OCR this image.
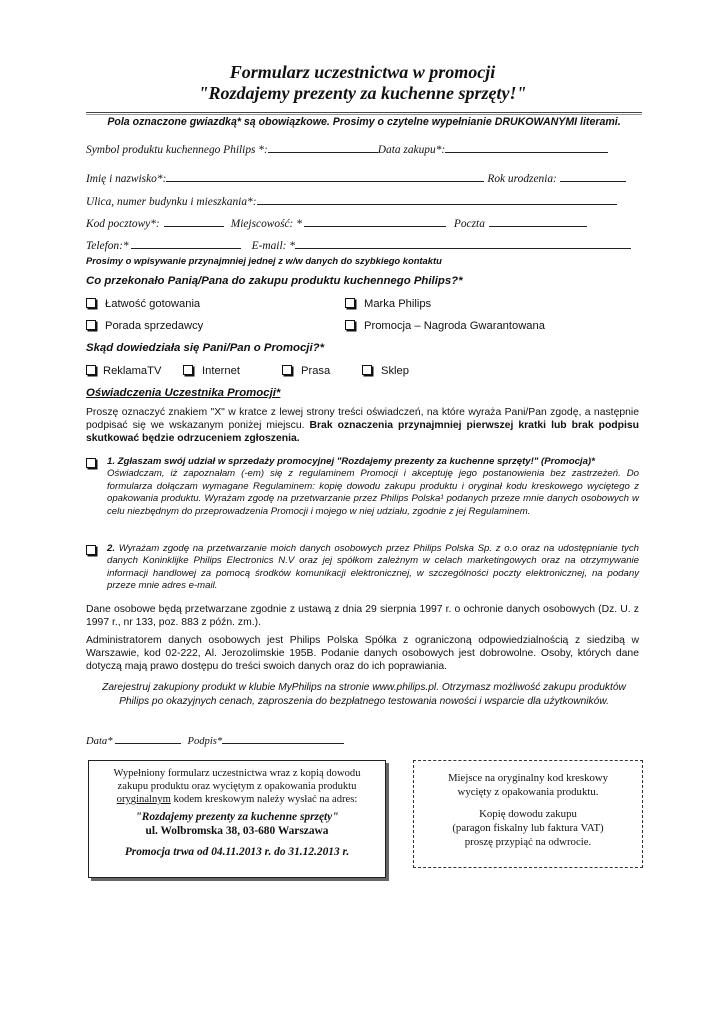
Formularz uczestnictwa w promocji
"Rozdajemy prezenty za kuchenne sprzęty!"
Pola oznaczone gwiazdką* są obowiązkowe. Prosimy o czytelne wypełnianie DRUKOWANYMI literami.
Symbol produktu kuchennego Philips *:	Data zakupu*:
Imię i nazwisko*:	Rok urodzenia:
Ulica, numer budynku i mieszkania*:
Kod pocztowy*:	Miejscowość: *	Poczta
Telefon:*	E-mail: *
Prosimy o wpisywanie przynajmniej jednej z w/w danych do szybkiego kontaktu
Co przekonało Panią/Pana do zakupu produktu kuchennego Philips?*
Łatwość gotowania	Marka Philips
Porada sprzedawcy	Promocja – Nagroda Gwarantowana
Skąd dowiedziała się Pani/Pan o Promocji?*
ReklamaTV	Internet	Prasa	Sklep
Oświadczenia Uczestnika Promocji*
Proszę oznaczyć znakiem "X" w kratce z lewej strony treści oświadczeń, na które wyraża Pani/Pan zgodę, a następnie podpisać się we wskazanym poniżej miejscu. Brak oznaczenia przynajmniej pierwszej kratki lub brak podpisu skutkować będzie odrzuceniem zgłoszenia.
1. Zgłaszam swój udział w sprzedaży promocyjnej "Rozdajemy prezenty za kuchenne sprzęty!" (Promocja)*
Oświadczam, iż zapoznałam (-em) się z regulaminem Promocji i akceptuję jego postanowienia bez zastrzeżeń. Do formularza dołączam wymagane Regulaminem: kopię dowodu zakupu produktu i oryginał kodu kreskowego wyciętego z opakowania produktu. Wyrażam zgodę na przetwarzanie przez Philips Polska¹ podanych przeze mnie danych osobowych w celu niezbędnym do przeprowadzenia Promocji i mojego w niej udziału, zgodnie z jej Regulaminem.
2. Wyrażam zgodę na przetwarzanie moich danych osobowych przez Philips Polska Sp. z o.o oraz na udostępnianie tych danych Koninklijke Philips Electronics N.V oraz jej spółkom zależnym w celach marketingowych oraz na otrzymywanie informacji handlowej za pomocą środków komunikacji elektronicznej, w szczególności poczty elektronicznej, na podany przeze mnie adres e-mail.
Dane osobowe będą przetwarzane zgodnie z ustawą z dnia 29 sierpnia 1997 r. o ochronie danych osobowych (Dz. U. z 1997 r., nr 133, poz. 883 z późn. zm.).
Administratorem danych osobowych jest Philips Polska Spółka z ograniczoną odpowiedzialnością z siedzibą w Warszawie, kod 02-222, Al. Jerozolimskie 195B. Podanie danych osobowych jest dobrowolne. Osoby, których dane dotyczą mają prawo dostępu do treści swoich danych oraz do ich poprawiania.
Zarejestruj zakupiony produkt w klubie MyPhilips na stronie www.philips.pl. Otrzymasz możliwość zakupu produktów
Philips po okazyjnych cenach, zaproszenia do bezpłatnego testowania nowości i wsparcie dla użytkowników.
Data*	Podpis*
Wypełniony formularz uczestnictwa wraz z kopią dowodu
zakupu produktu oraz wyciętym z opakowania produktu
oryginalnym kodem kreskowym należy wysłać na adres:
"Rozdajemy prezenty za kuchenne sprzęty"
ul. Wolbromska 38, 03-680 Warszawa
Promocja trwa od 04.11.2013 r. do 31.12.2013 r.
Miejsce na oryginalny kod kreskowy
wycięty z opakowania produktu.
Kopię dowodu zakupu
(paragon fiskalny lub faktura VAT)
proszę przypiąć na odwrocie.
